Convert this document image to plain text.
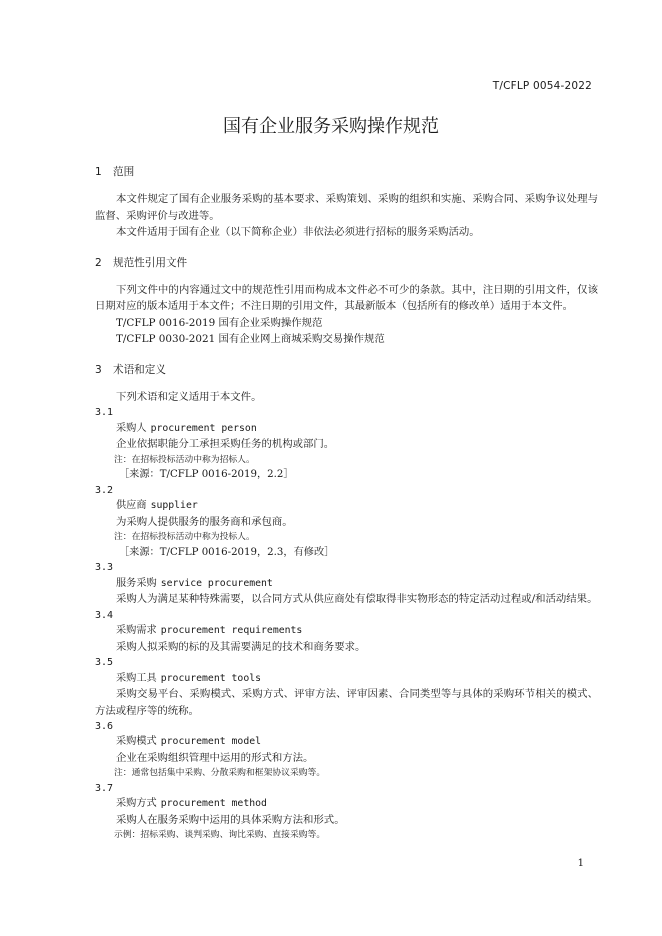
T/CFLP 0054-2022
国有企业服务采购操作规范
1	范围
本文件规定了国有企业服务采购的基本要求、采购策划、采购的组织和实施、采购合同、采购争议处理与监督、采购评价与改进等。
本文件适用于国有企业（以下简称企业）非依法必须进行招标的服务采购活动。
2	规范性引用文件
下列文件中的内容通过文中的规范性引用而构成本文件必不可少的条款。其中，注日期的引用文件，仅该日期对应的版本适用于本文件；不注日期的引用文件，其最新版本（包括所有的修改单）适用于本文件。
T/CFLP 0016-2019 国有企业采购操作规范
T/CFLP 0030-2021 国有企业网上商城采购交易操作规范
3	术语和定义
下列术语和定义适用于本文件。
3.1
采购人 procurement person
企业依据职能分工承担采购任务的机构或部门。
注：在招标投标活动中称为招标人。
［来源：T/CFLP 0016-2019，2.2］
3.2
供应商 supplier
为采购人提供服务的服务商和承包商。
注：在招标投标活动中称为投标人。
［来源：T/CFLP 0016-2019，2.3，有修改］
3.3
服务采购 service procurement
采购人为满足某种特殊需要，以合同方式从供应商处有偿取得非实物形态的特定活动过程或/和活动结果。
3.4
采购需求 procurement requirements
采购人拟采购的标的及其需要满足的技术和商务要求。
3.5
采购工具 procurement tools
采购交易平台、采购模式、采购方式、评审方法、评审因素、合同类型等与具体的采购环节相关的模式、方法或程序等的统称。
3.6
采购模式 procurement model
企业在采购组织管理中运用的形式和方法。
注：通常包括集中采购、分散采购和框架协议采购等。
3.7
采购方式 procurement method
采购人在服务采购中运用的具体采购方法和形式。
示例：招标采购、谈判采购、询比采购、直接采购等。
1
